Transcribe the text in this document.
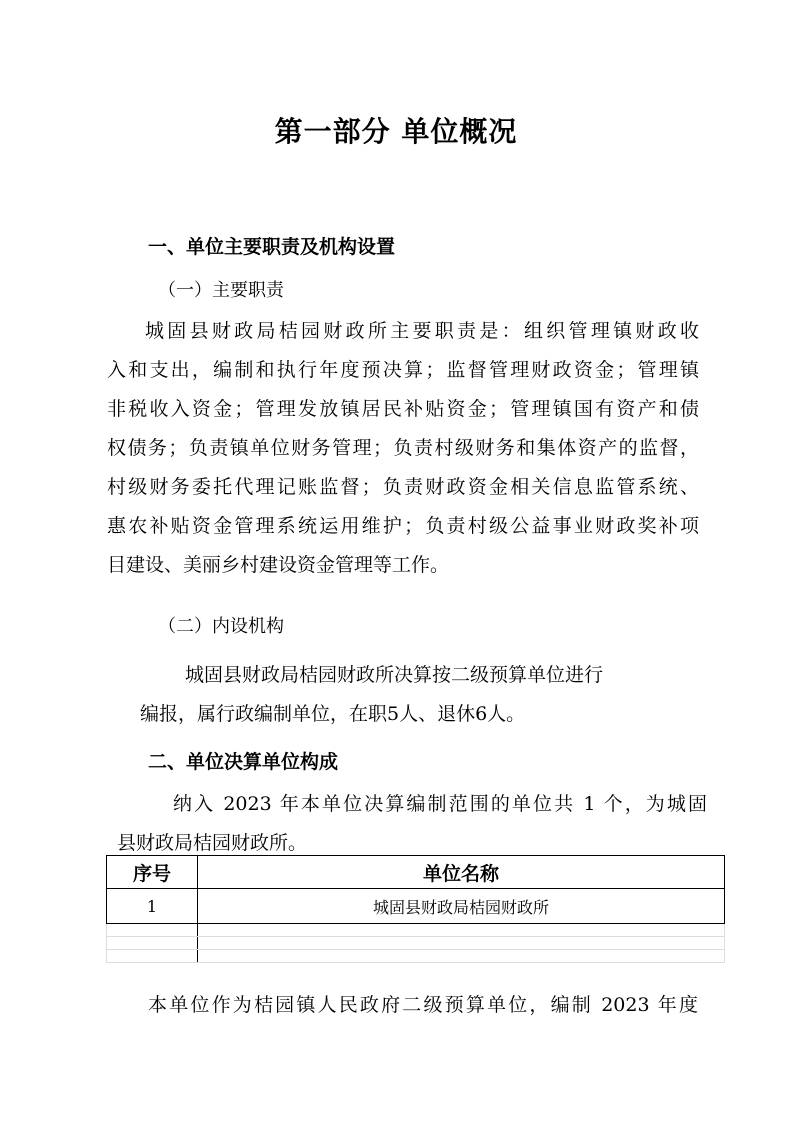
第一部分 单位概况
一、单位主要职责及机构设置
（一）主要职责
城固县财政局桔园财政所主要职责是：组织管理镇财政收
入和支出，编制和执行年度预决算；监督管理财政资金；管理镇
非税收入资金；管理发放镇居民补贴资金；管理镇国有资产和债
权债务；负责镇单位财务管理；负责村级财务和集体资产的监督，
村级财务委托代理记账监督；负责财政资金相关信息监管系统、
惠农补贴资金管理系统运用维护；负责村级公益事业财政奖补项
目建设、美丽乡村建设资金管理等工作。
（二）内设机构
城固县财政局桔园财政所决算按二级预算单位进行
编报，属行政编制单位，在职5人、退休6人。
二、单位决算单位构成
纳入 2023 年本单位决算编制范围的单位共 1 个，为城固
县财政局桔园财政所。
序号	单位名称
1	城固县财政局桔园财政所

本单位作为桔园镇人民政府二级预算单位，编制 2023 年度
